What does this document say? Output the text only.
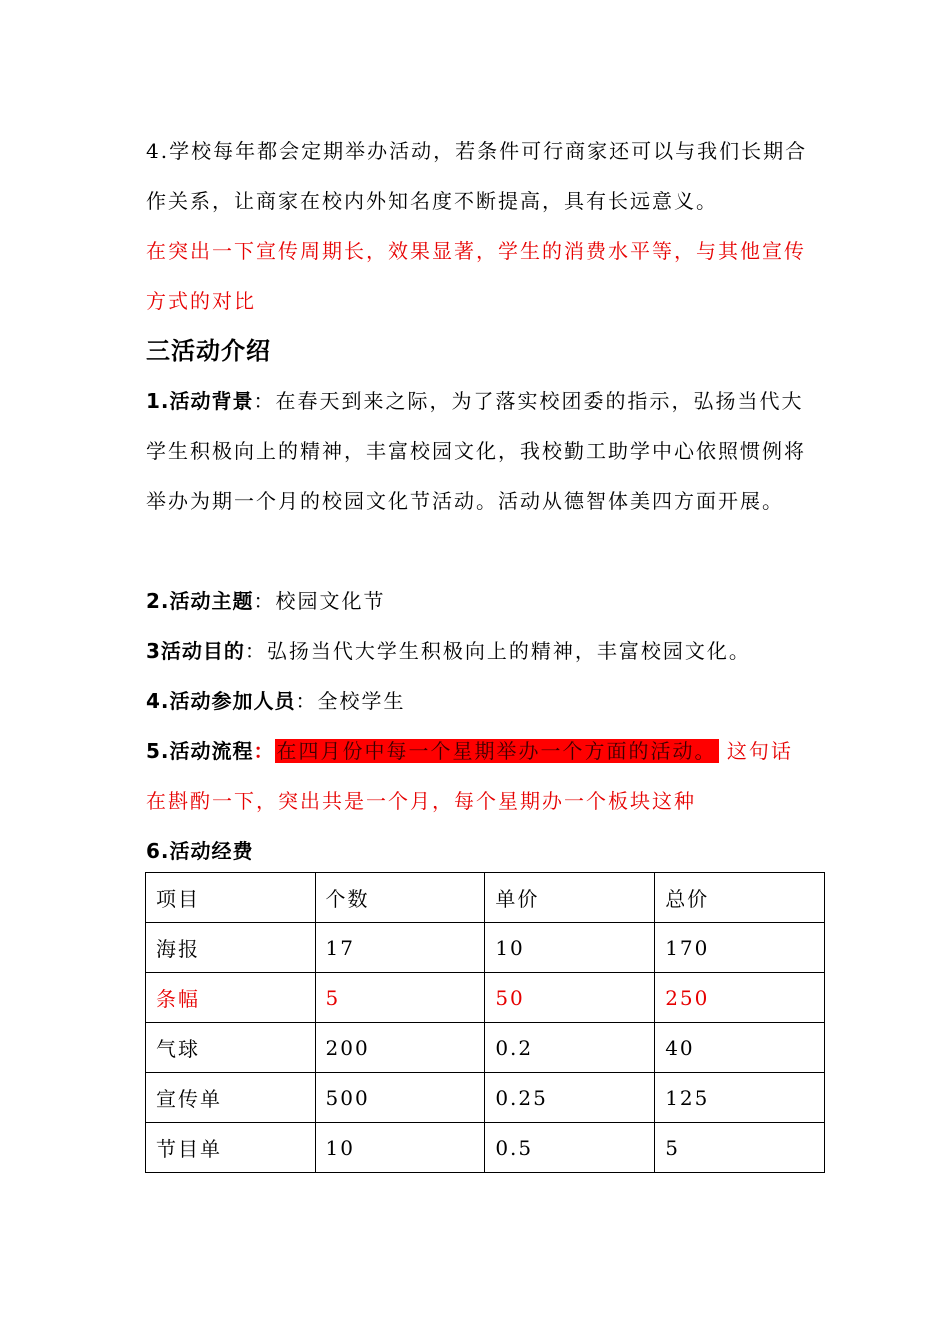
4.学校每年都会定期举办活动，若条件可行商家还可以与我们长期合作关系，让商家在校内外知名度不断提高，具有长远意义。

在突出一下宣传周期长，效果显著，学生的消费水平等，与其他宣传方式的对比

三活动介绍

1.活动背景：在春天到来之际，为了落实校团委的指示，弘扬当代大学生积极向上的精神，丰富校园文化，我校勤工助学中心依照惯例将举办为期一个月的校园文化节活动。活动从德智体美四方面开展。

2.活动主题：校园文化节

3活动目的：弘扬当代大学生积极向上的精神，丰富校园文化。

4.活动参加人员：全校学生

5.活动流程： 在四月份中每一个星期举办一个方面的活动。 这句话在斟酌一下，突出共是一个月，每个星期办一个板块这种

6.活动经费

项目	个数	单价	总价
海报	17	10	170
条幅	5	50	250
气球	200	0.2	40
宣传单	500	0.25	125
节目单	10	0.5	5
